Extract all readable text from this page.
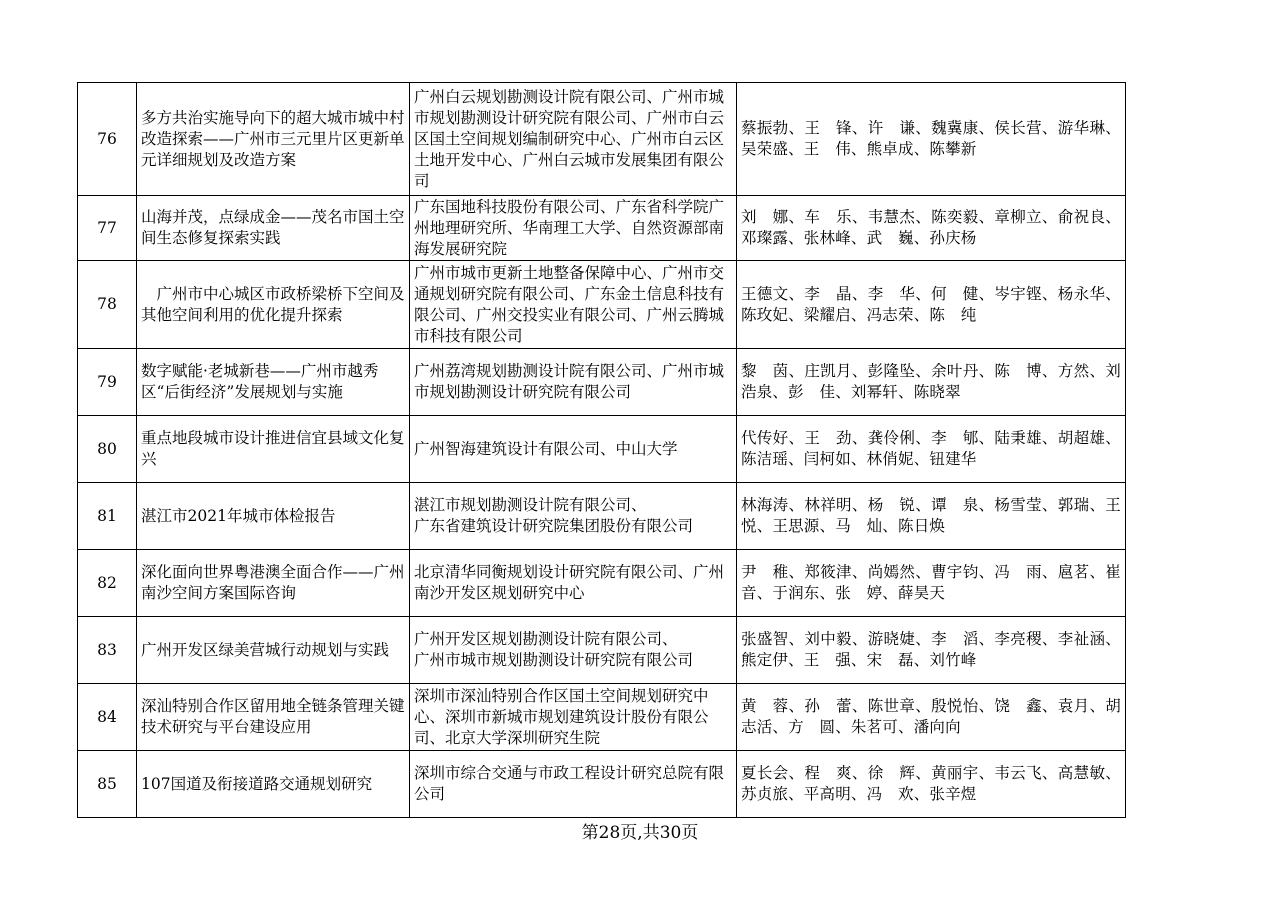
76	多方共治实施导向下的超大城市城中村改造探索——广州市三元里片区更新单元详细规划及改造方案	广州白云规划勘测设计院有限公司、广州市城市规划勘测设计研究院有限公司、广州市白云区国土空间规划编制研究中心、广州市白云区土地开发中心、广州白云城市发展集团有限公司	蔡振勃、王　锋、许　谦、魏冀康、侯长营、游华琳、吴荣盛、王　伟、熊卓成、陈攀新
77	山海并茂，点绿成金——茂名市国土空间生态修复探索实践	广东国地科技股份有限公司、广东省科学院广州地理研究所、华南理工大学、自然资源部南海发展研究院	刘　娜、车　乐、韦慧杰、陈奕毅、章柳立、俞祝良、邓璨露、张林峰、武　巍、孙庆杨
78	　广州市中心城区市政桥梁桥下空间及其他空间利用的优化提升探索	广州市城市更新土地整备保障中心、广州市交通规划研究院有限公司、广东金土信息科技有限公司、广州交投实业有限公司、广州云腾城市科技有限公司	王德文、李　晶、李　华、何　健、岑宇铿、杨永华、陈玫妃、梁耀启、冯志荣、陈　纯
79	数字赋能·老城新巷——广州市越秀区“后街经济”发展规划与实施	广州荔湾规划勘测设计院有限公司、广州市城市规划勘测设计研究院有限公司	黎　茵、庄凯月、彭隆坠、余叶丹、陈　博、方然、刘浩泉、彭　佳、刘幂轩、陈晓翠
80	重点地段城市设计推进信宜县域文化复兴	广州智海建筑设计有限公司、中山大学	代传好、王　劲、龚伶俐、李　郇、陆秉雄、胡超雄、陈洁瑶、闫柯如、林俏妮、钮建华
81	湛江市2021年城市体检报告	湛江市规划勘测设计院有限公司、
广东省建筑设计研究院集团股份有限公司	林海涛、林祥明、杨　锐、谭　泉、杨雪莹、郭瑞、王　悦、王思源、马　灿、陈日焕
82	深化面向世界粤港澳全面合作——广州南沙空间方案国际咨询	北京清华同衡规划设计研究院有限公司、广州南沙开发区规划研究中心	尹　稚、郑筱津、尚嫣然、曹宇钧、冯　雨、扈茗、崔　音、于润东、张　婷、薛昊天
83	广州开发区绿美营城行动规划与实践	广州开发区规划勘测设计院有限公司、
广州市城市规划勘测设计研究院有限公司	张盛智、刘中毅、游晓婕、李　滔、李亮稷、李祉涵、熊定伊、王　强、宋　磊、刘竹峰
84	深汕特别合作区留用地全链条管理关键技术研究与平台建设应用	深圳市深汕特别合作区国土空间规划研究中心、深圳市新城市规划建筑设计股份有限公司、北京大学深圳研究生院	黄　蓉、孙　蕾、陈世章、殷悦怡、饶　鑫、袁月、胡志活、方　圆、朱茗可、潘向向
85	107国道及衔接道路交通规划研究	深圳市综合交通与市政工程设计研究总院有限公司	夏长会、程　爽、徐　辉、黄丽宇、韦云飞、高慧敏、苏贞旅、平高明、冯　欢、张辛煜
第28页,共30页
